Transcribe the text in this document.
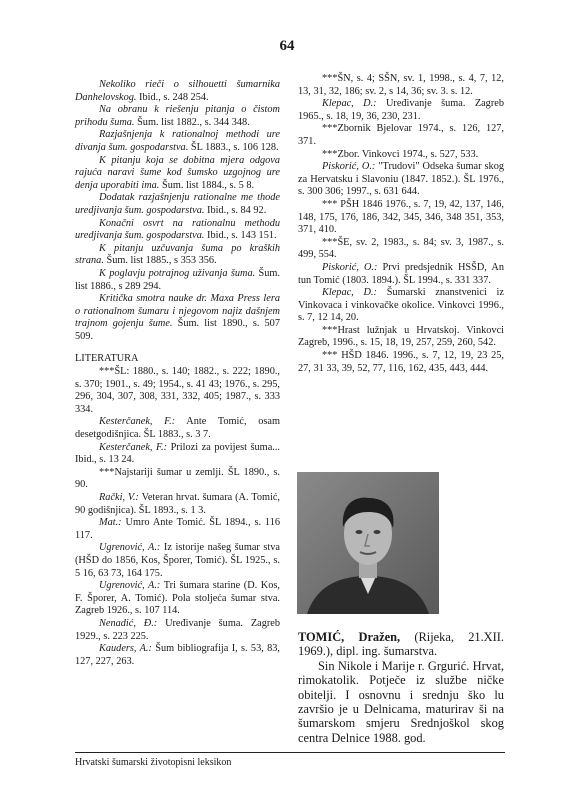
64

Nekoliko rieči o silhouetti šumarnika Danhelovskog. Ibid., s. 248 254.

Na obranu k riešenju pitanja o čistom prihodu šuma. Šum. list 1882., s. 344 348.

Razjašnjenja k rationalnoj methodi ure divanja šum. gospodarstva. ŠL 1883., s. 106 128.

K pitanju koja se dobitna mjera odgova rajuća naravi šume kod šumsko uzgojnog ure denja uporabiti ima. Šum. list 1884., s. 5 8.

Dodatak razjašnjenju rationalne me thode uredjivanja šum. gospodarstva. Ibid., s. 84 92.

Konačni osvrt na rationalnu methodu uredjivanja šum. gospodarstva. Ibid., s. 143 151.

K pitanju uzčuvanja šuma po kraških strana. Šum. list 1885., s 353 356.

K poglavju potrajnog uživanja šuma. Šum. list 1886., s 289 294.

Kritička smotra nauke dr. Maxa Press lera o rationalnom šumaru i njegovom najiz dašnjem trajnom gojenju šume. Šum. list 1890., s. 507 509.

LITERATURA

***ŠL: 1880., s. 140; 1882., s. 222; 1890., s. 370; 1901., s. 49; 1954., s. 41 43; 1976., s. 295, 296, 304, 307, 308, 331, 332, 405; 1987., s. 333 334.

Kesterčanek, F.: Ante Tomić, osam desetgodišnjica. ŠL 1883., s. 3 7.

Kesterčanek, F.: Prilozi za povijest šuma... Ibid., s. 13 24.

***Najstariji šumar u zemlji. ŠL 1890., s. 90.

Rački, V.: Veteran hrvat. šumara (A. Tomić, 90 godišnjica). ŠL 1893., s. 1 3.

Mat.: Umro Ante Tomić. ŠL 1894., s. 116 117.

Ugrenović, A.: Iz istorije našeg šumar stva (HŠD do 1856, Kos, Šporer, Tomić). ŠL 1925., s. 5 16, 63 73, 164 175.

Ugrenović, A.: Tri šumara starine (D. Kos, F. Šporer, A. Tomić). Pola stoljeća šumar stva. Zagreb 1926., s. 107 114.

Nenadić, Đ.: Uređivanje šuma. Zagreb 1929., s. 223 225.

Kauders, A.: Šum bibliografija I, s. 53, 83, 127, 227, 263.

***ŠN, s. 4; SŠN, sv. 1, 1998., s. 4, 7, 12, 13, 31, 32, 186; sv. 2, s 14, 36; sv. 3. s. 12.

Klepac, D.: Uređivanje šuma. Zagreb 1965., s. 18, 19, 36, 230, 231.

***Zbornik Bjelovar 1974., s. 126, 127, 371.

***Zbor. Vinkovci 1974., s. 527, 533.

Piskorić, O.: "Trudovi" Odseka šumar skog za Hervatsku i Slavoniu (1847. 1852.). ŠL 1976., s. 300 306; 1997., s. 631 644.

*** PŠH 1846 1976., s. 7, 19, 42, 137, 146, 148, 175, 176, 186, 342, 345, 346, 348 351, 353, 371, 410.

***ŠE, sv. 2, 1983., s. 84; sv. 3, 1987., s. 499, 554.

Piskorić, O.: Prvi predsjednik HSŠD, An tun Tomić (1803. 1894.). ŠL 1994., s. 331 337.

Klepac, D.: Šumarski znanstvenici iz Vinkovaca i vinkovačke okolice. Vinkovci 1996., s. 7, 12 14, 20.

***Hrast lužnjak u Hrvatskoj. Vinkovci Zagreb, 1996., s. 15, 18, 19, 257, 259, 260, 542.

*** HŠD 1846. 1996., s. 7, 12, 19, 23 25, 27, 31 33, 39, 52, 77, 116, 162, 435, 443, 444.

TOMIĆ, Dražen, (Rijeka, 21.XII. 1969.), dipl. ing. šumarstva.

Sin Nikole i Marije r. Grgurić. Hrvat, rimokatolik. Potječe iz službe ničke obitelji. I osnovnu i srednju ško lu završio je u Delnicama, maturirav ši na šumarskom smjeru Srednjoškol skog centra Delnice 1988. god.

Hrvatski šumarski životopisni leksikon
